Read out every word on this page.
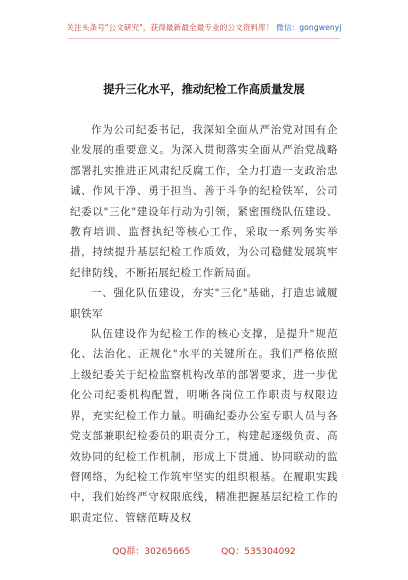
关注头条号"公文研究"，获得最新最全最专业的公文资料库！ 微信：gongwenyj
提升三化水平，推动纪检工作高质量发展

作为公司纪委书记，我深知全面从严治党对国有企业发展的重要意义。为深入贯彻落实全面从严治党战略部署扎实推进正风肃纪反腐工作，全力打造一支政治忠诚、作风干净、勇于担当、善于斗争的纪检铁军，公司纪委以"三化"建设年行动为引领，紧密围绕队伍建设、教育培训、监督执纪等核心工作，采取一系列务实举措，持续提升基层纪检工作质效，为公司稳健发展筑牢纪律防线，不断拓展纪检工作新局面。

一、强化队伍建设，夯实"三化"基础，打造忠诚履职铁军

队伍建设作为纪检工作的核心支撑，是提升"规范化、法治化、正规化"水平的关键所在。我们严格依照上级纪委关于纪检监察机构改革的部署要求，进一步优化公司纪委机构配置，明晰各岗位工作职责与权限边界，充实纪检工作力量。明确纪委办公室专职人员与各党支部兼职纪检委员的职责分工，构建起逐级负责、高效协同的纪检工作机制，形成上下贯通、协同联动的监督网络，为纪检工作筑牢坚实的组织根基。在履职实践中，我们始终严守权限底线，精准把握基层纪检工作的职责定位、管辖范畴及权

QQ群：30265665	QQ：535304092
